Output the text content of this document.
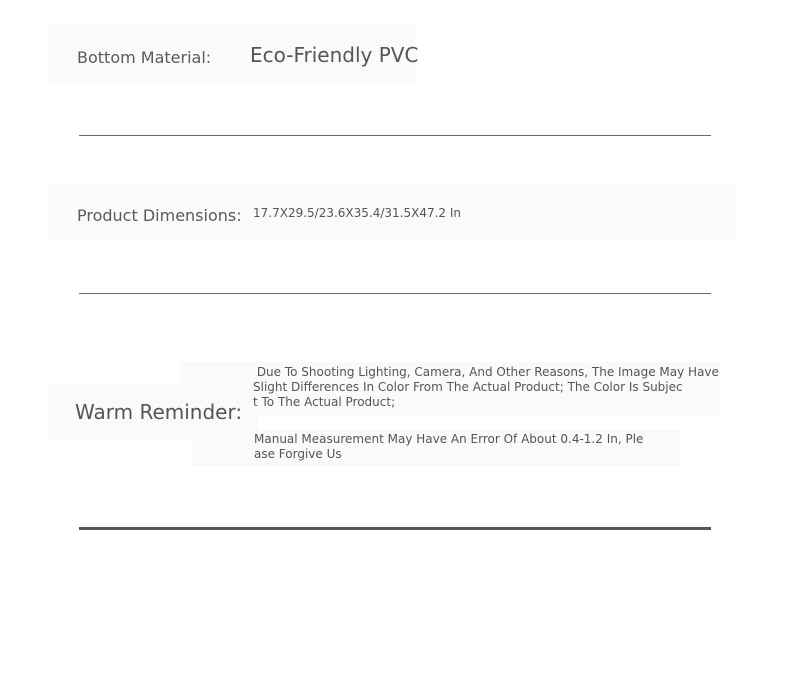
Bottom Material: Eco-Friendly PVC
Product Dimensions: 17.7X29.5/23.6X35.4/31.5X47.2 In
Warm Reminder:
Due To Shooting Lighting, Camera, And Other Reasons, The Image May Have
Slight Differences In Color From The Actual Product; The Color Is Subjec
t To The Actual Product;
Manual Measurement May Have An Error Of About 0.4-1.2 In, Ple
ase Forgive Us
